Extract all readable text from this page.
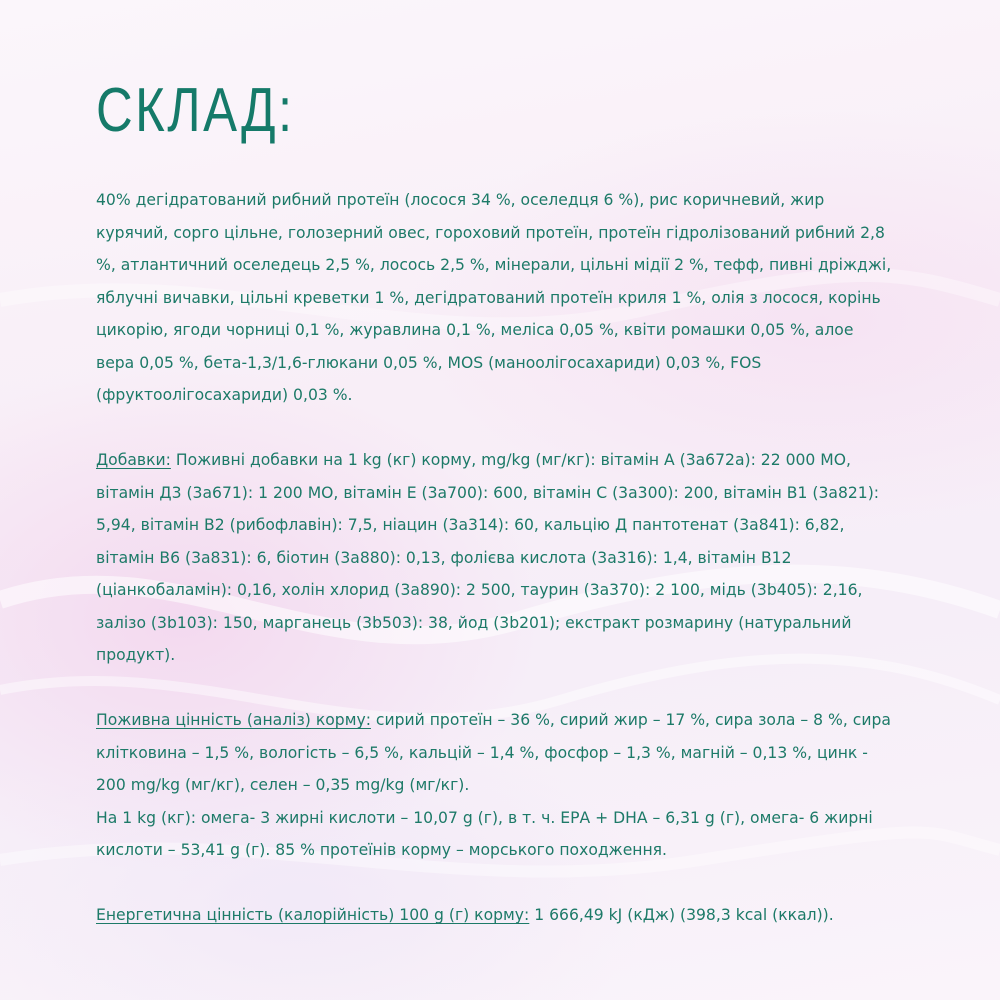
СКЛАД:

40% дегідратований рибний протеїн (лосося 34 %, оселедця 6 %), рис коричневий, жир курячий, сорго цільне, голозерний овес, гороховий протеїн, протеїн гідролізований рибний 2,8 %, атлантичний оселедець 2,5 %, лосось 2,5 %, мінерали, цільні мідії 2 %, тефф, пивні дріжджі, яблучні вичавки, цільні креветки 1 %, дегідратований протеїн криля 1 %, олія з лосося, корінь цикорію, ягоди чорниці 0,1 %, журавлина 0,1 %, меліса 0,05 %, квіти ромашки 0,05 %, алое вера 0,05 %, бета-1,3/1,6-глюкани 0,05 %, MOS (маноолігосахариди) 0,03 %, FOS (фруктоолігосахариди) 0,03 %.

Добавки: Поживні добавки на 1 kg (кг) корму, mg/kg (мг/кг): вітамін А (3a672a): 22 000 МО, вітамін Д3 (3a671): 1 200 МО, вітамін Е (3a700): 600, вітамін С (3a300): 200, вітамін В1 (3a821): 5,94, вітамін В2 (рибофлавін): 7,5, ніацин (3a314): 60, кальцію Д пантотенат (3a841): 6,82, вітамін В6 (3a831): 6, біотин (3a880): 0,13, фолієва кислота (3a316): 1,4, вітамін В12 (ціанкобаламін): 0,16, холін хлорид (3a890): 2 500, таурин (3a370): 2 100, мідь (3b405): 2,16, залізо (3b103): 150, марганець (3b503): 38, йод (3b201); екстракт розмарину (натуральний продукт).

Поживна цінність (аналіз) корму: сирий протеїн – 36 %, сирий жир – 17 %, сира зола – 8 %, сира клітковина – 1,5 %, вологість – 6,5 %, кальцій – 1,4 %, фосфор – 1,3 %, магній – 0,13 %, цинк - 200 mg/kg (мг/кг), селен – 0,35 mg/kg (мг/кг).
На 1 kg (кг): омега- 3 жирні кислоти – 10,07 g (г), в т. ч. ЕРА + DHA – 6,31 g (г), омега- 6 жирні кислоти – 53,41 g (г). 85 % протеїнів корму – морського походження.

Енергетична цінність (калорійність) 100 g (г) корму: 1 666,49 kJ (кДж) (398,3 kcal (ккал)).
